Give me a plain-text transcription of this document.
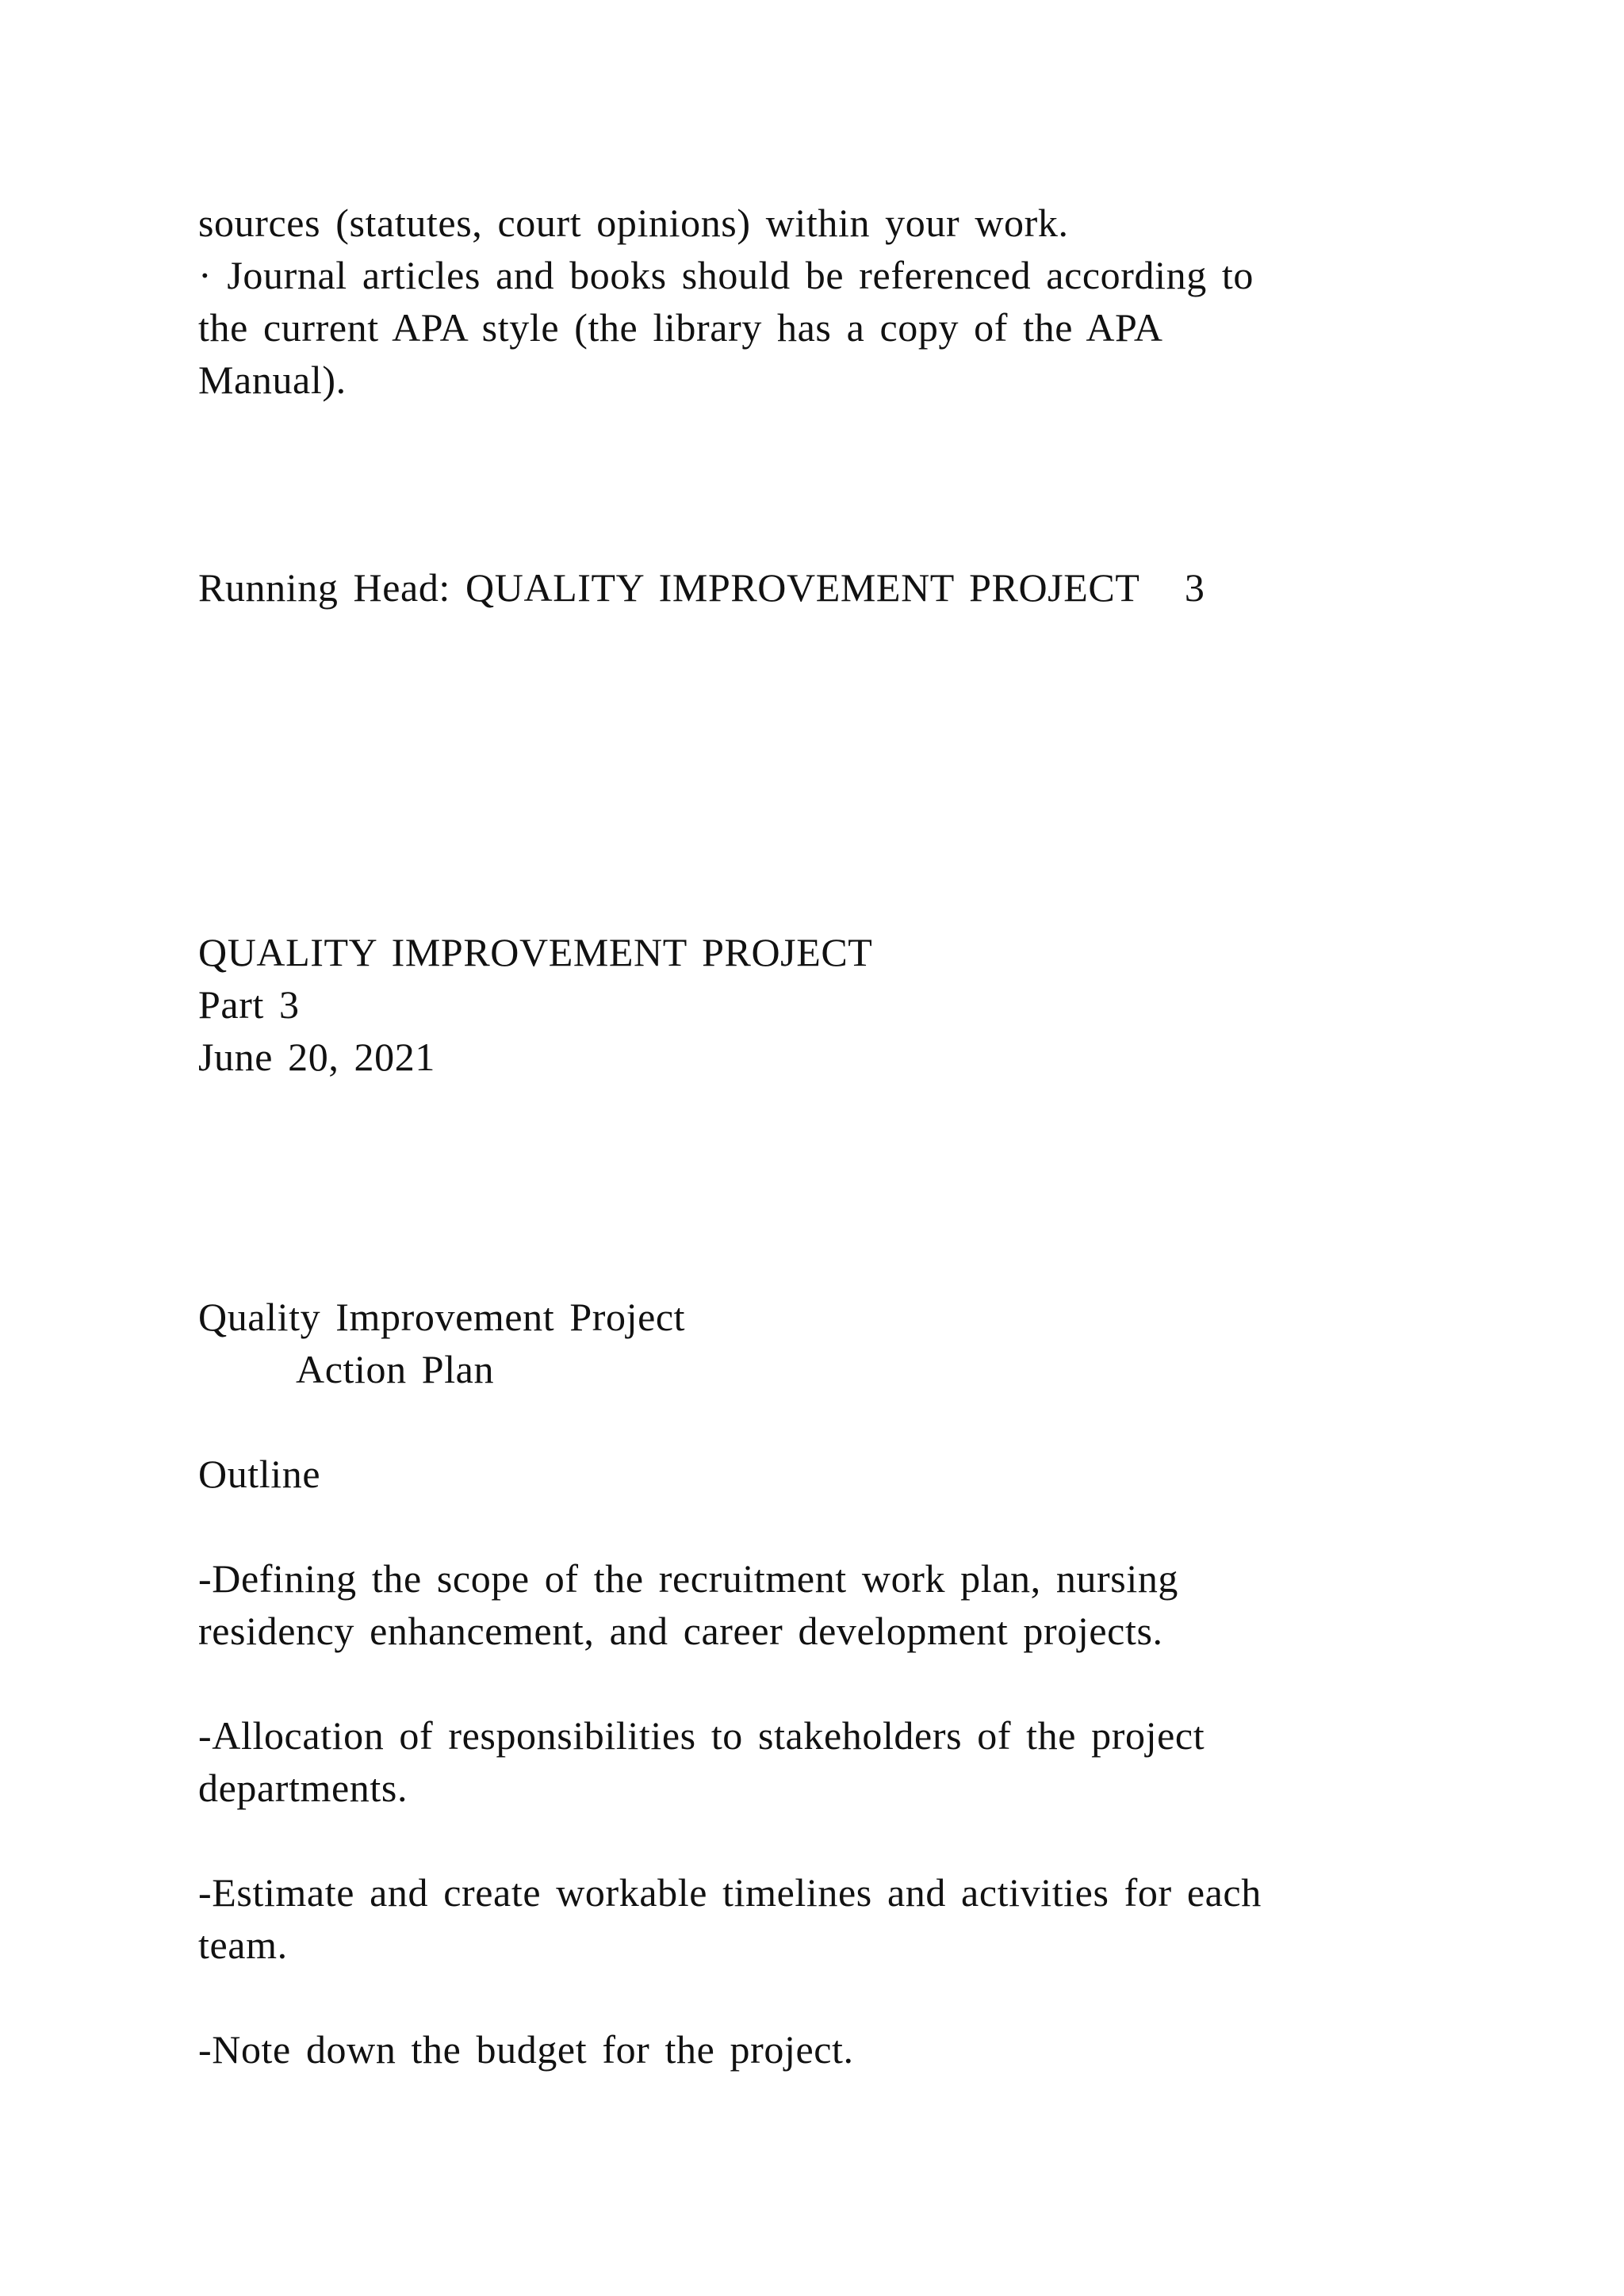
sources (statutes, court opinions) within your work.

· Journal articles and books should be referenced according to

the current APA style (the library has a copy of the APA

Manual).

Running Head: QUALITY IMPROVEMENT PROJECT   3

QUALITY IMPROVEMENT PROJECT

Part 3

June 20, 2021

Quality Improvement Project

Action Plan

Outline

-Defining the scope of the recruitment work plan, nursing

residency enhancement, and career development projects.

-Allocation of responsibilities to stakeholders of the project

departments.

-Estimate and create workable timelines and activities for each

team.

-Note down the budget for the project.
